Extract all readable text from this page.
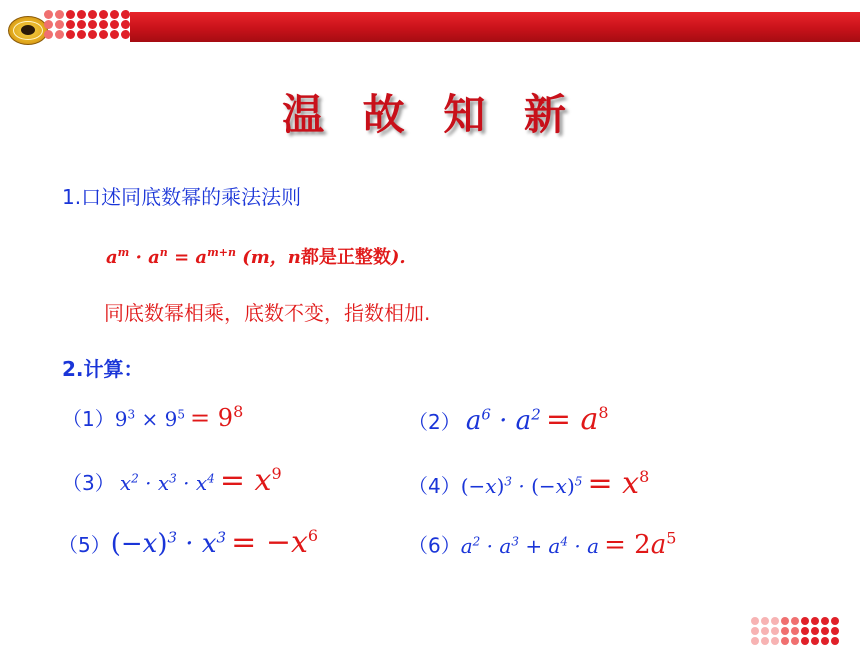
温 故 知 新
1.口述同底数幂的乘法法则
$a^m \cdot a^n = a^{m+n}$ (m，n都是正整数).
同底数幂相乘，底数不变，指数相加.
2.计算：
$(1)9^3 \times 9^5 = 9^8$	（2） $a^6 \cdot a^2 = a^8$
（3） $x^2 \cdot x^3 \cdot x^4 = x^9$
$(4)(-x)^3 \cdot (-x)^5 = x^8$
$(5)(-x)^3 \cdot x^3 = -x^6$	$(6)a^2 \cdot a^3 + a^4 \cdot a = 2a^5$
